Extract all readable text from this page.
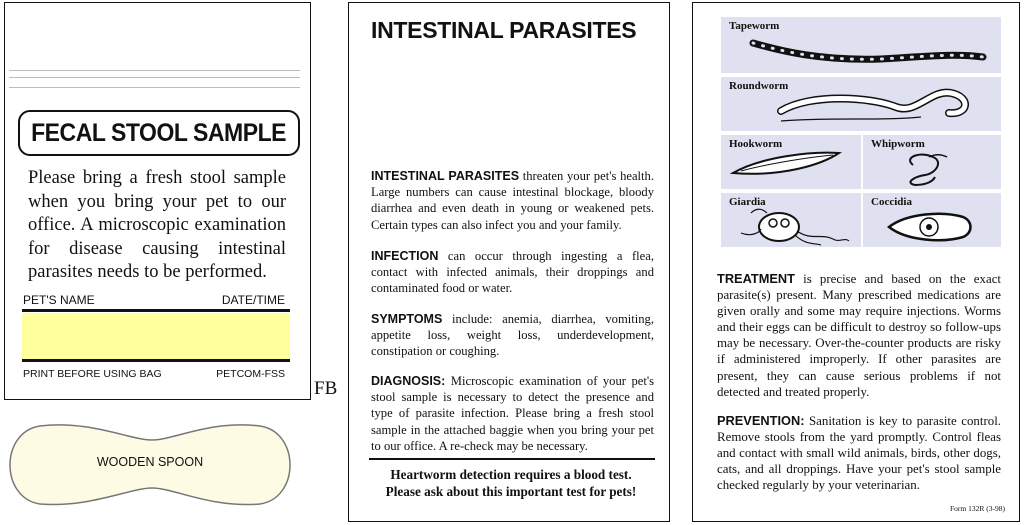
FECAL STOOL SAMPLE
Please bring a fresh stool sample
when you bring your pet to our
office. A microscopic examination
for disease causing intestinal
parasites needs to be performed.
PET'S NAME	DATE/TIME
PRINT BEFORE USING BAG	PETCOM-FSS
FB
WOODEN SPOON
INTESTINAL PARASITES
INTESTINAL PARASITES threaten your pet's health. Large numbers can cause intestinal blockage, bloody diarrhea and even death in young or weakened pets. Certain types can also infect you and your family.
INFECTION can occur through ingesting a flea, contact with infected animals, their droppings and contaminated food or water.
SYMPTOMS include: anemia, diarrhea, vomiting, appetite loss, weight loss, underdevelopment, constipation or coughing.
DIAGNOSIS: Microscopic examination of your pet's stool sample is necessary to detect the presence and type of parasite infection. Please bring a fresh stool sample in the attached baggie when you bring your pet to our office. A re-check may be necessary.
Heartworm detection requires a blood test.
Please ask about this important test for pets!
Tapeworm
Roundworm
Hookworm	Whipworm
Giardia	Coccidia
TREATMENT is precise and based on the exact parasite(s) present. Many prescribed medications are given orally and some may require injections. Worms and their eggs can be difficult to destroy so follow-ups may be necessary. Over-the-counter products are risky if administered improperly. If other parasites are present, they can cause serious problems if not detected and treated properly.
PREVENTION: Sanitation is key to parasite control. Remove stools from the yard promptly. Control fleas and contact with small wild animals, birds, other dogs, cats, and all droppings. Have your pet's stool sample checked regularly by your veterinarian.
Form 132R (3-98)
